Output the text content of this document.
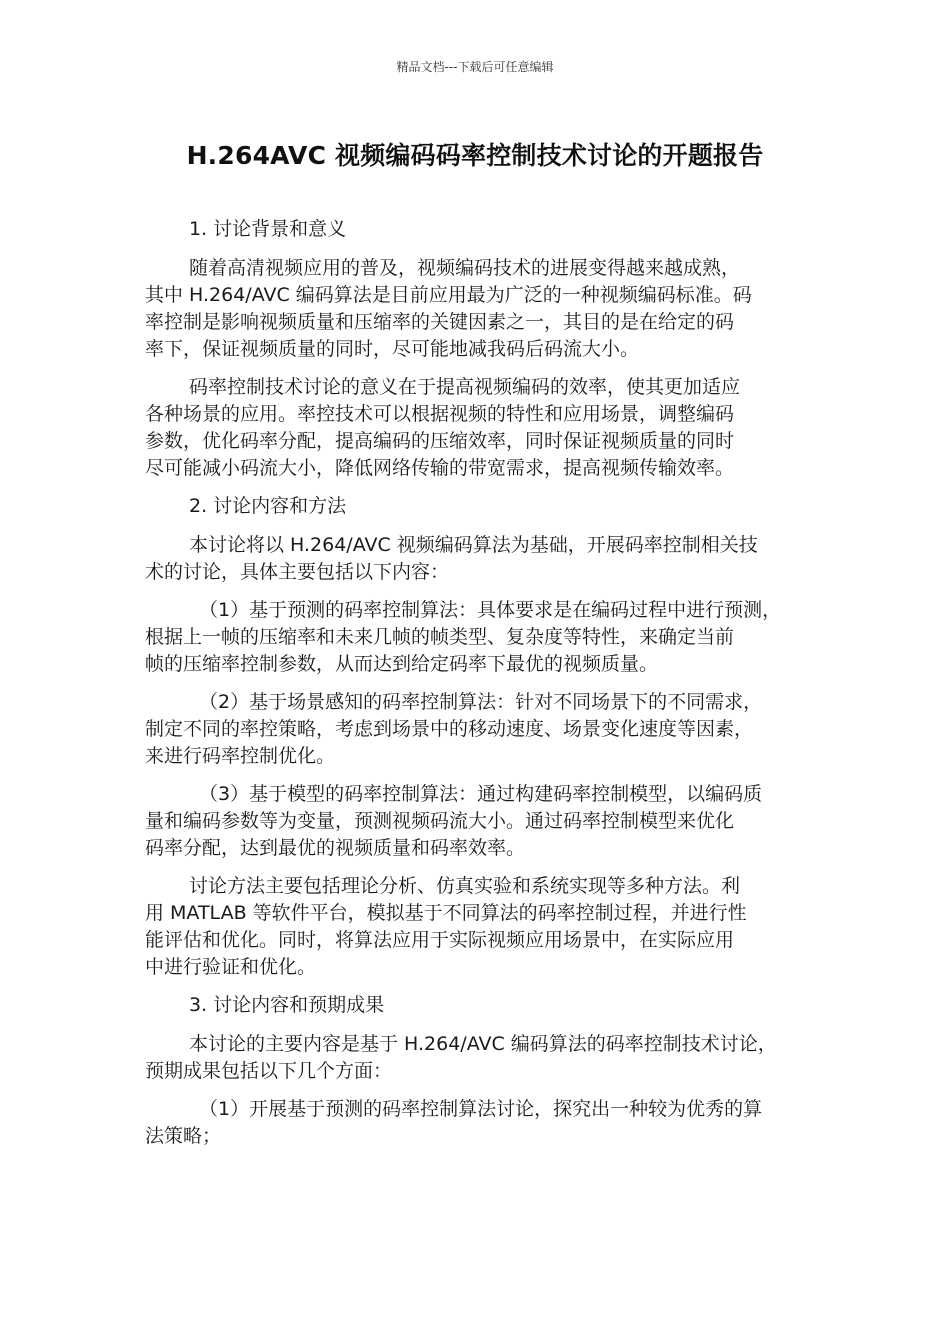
精品文档---下载后可任意编辑
H.264AVC 视频编码码率控制技术讨论的开题报告
1. 讨论背景和意义
随着高清视频应用的普及，视频编码技术的进展变得越来越成熟，
其中 H.264/AVC 编码算法是目前应用最为广泛的一种视频编码标准。码
率控制是影响视频质量和压缩率的关键因素之一，其目的是在给定的码
率下，保证视频质量的同时，尽可能地减我码后码流大小。
码率控制技术讨论的意义在于提高视频编码的效率，使其更加适应
各种场景的应用。率控技术可以根据视频的特性和应用场景，调整编码
参数，优化码率分配，提高编码的压缩效率，同时保证视频质量的同时
尽可能减小码流大小，降低网络传输的带宽需求，提高视频传输效率。
2. 讨论内容和方法
本讨论将以 H.264/AVC 视频编码算法为基础，开展码率控制相关技
术的讨论，具体主要包括以下内容：
（1）基于预测的码率控制算法：具体要求是在编码过程中进行预测，
根据上一帧的压缩率和未来几帧的帧类型、复杂度等特性，来确定当前
帧的压缩率控制参数，从而达到给定码率下最优的视频质量。
（2）基于场景感知的码率控制算法：针对不同场景下的不同需求，
制定不同的率控策略，考虑到场景中的移动速度、场景变化速度等因素，
来进行码率控制优化。
（3）基于模型的码率控制算法：通过构建码率控制模型，以编码质
量和编码参数等为变量，预测视频码流大小。通过码率控制模型来优化
码率分配，达到最优的视频质量和码率效率。
讨论方法主要包括理论分析、仿真实验和系统实现等多种方法。利
用 MATLAB 等软件平台，模拟基于不同算法的码率控制过程，并进行性
能评估和优化。同时，将算法应用于实际视频应用场景中，在实际应用
中进行验证和优化。
3. 讨论内容和预期成果
本讨论的主要内容是基于 H.264/AVC 编码算法的码率控制技术讨论，
预期成果包括以下几个方面：
（1）开展基于预测的码率控制算法讨论，探究出一种较为优秀的算
法策略；
